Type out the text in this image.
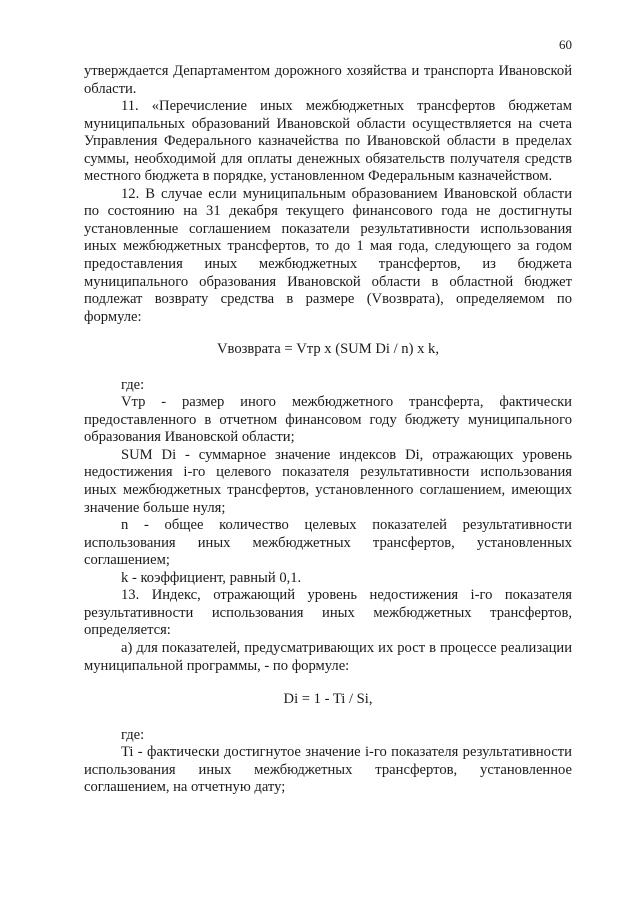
60

утверждается Департаментом дорожного хозяйства и транспорта Ивановской области.

11. «Перечисление иных межбюджетных трансфертов бюджетам муниципальных образований Ивановской области осуществляется на счета Управления Федерального казначейства по Ивановской области в пределах суммы, необходимой для оплаты денежных обязательств получателя средств местного бюджета в порядке, установленном Федеральным казначейством.

12. В случае если муниципальным образованием Ивановской области по состоянию на 31 декабря текущего финансового года не достигнуты установленные соглашением показатели результативности использования иных межбюджетных трансфертов, то до 1 мая года, следующего за годом предоставления иных межбюджетных трансфертов, из бюджета муниципального образования Ивановской области в областной бюджет подлежат возврату средства в размере (Vвозврата), определяемом по формуле:

Vвозврата = Vтр x (SUM Di / n) x k,

где:

Vтр - размер иного межбюджетного трансферта, фактически предоставленного в отчетном финансовом году бюджету муниципального образования Ивановской области;

SUM Di - суммарное значение индексов Di, отражающих уровень недостижения i-го целевого показателя результативности использования иных межбюджетных трансфертов, установленного соглашением, имеющих значение больше нуля;

n - общее количество целевых показателей результативности использования иных межбюджетных трансфертов, установленных соглашением;

k - коэффициент, равный 0,1.

13. Индекс, отражающий уровень недостижения i-го показателя результативности использования иных межбюджетных трансфертов, определяется:

а) для показателей, предусматривающих их рост в процессе реализации муниципальной программы, - по формуле:

Di = 1 - Ti / Si,

где:

Ti - фактически достигнутое значение i-го показателя результативности использования иных межбюджетных трансфертов, установленное соглашением, на отчетную дату;
